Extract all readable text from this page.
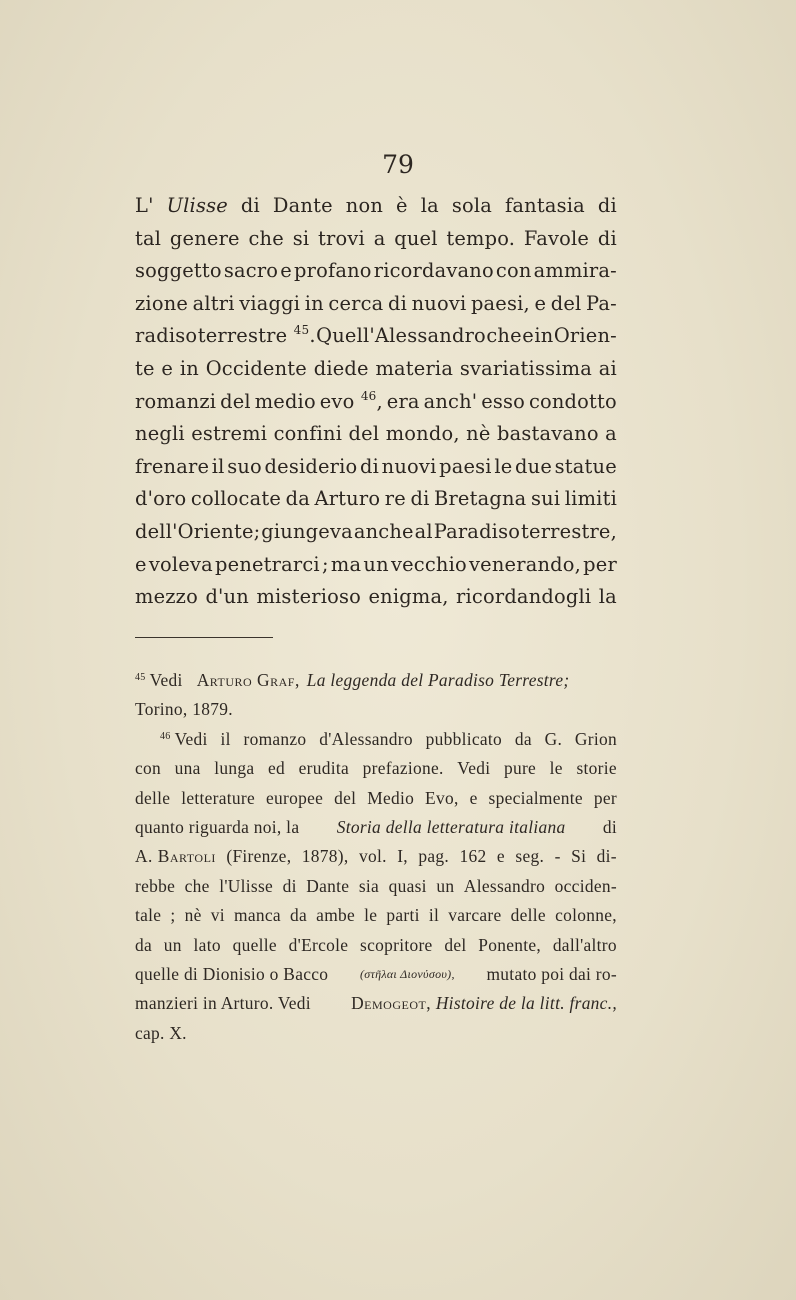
79
L' Ulisse di Dante non è la sola fantasia di
tal genere che si trovi a quel tempo. Favole di
soggetto sacro e profano ricordavano con ammira-
zione altri viaggi in cerca di nuovi paesi, e del Pa-
radiso terrestre $^{45}$. Quell'Alessandro che e in Orien-
te e in Occidente diede materia svariatissima ai
romanzi del medio evo $^{46}$, era anch' esso condotto
negli estremi confini del mondo, nè bastavano a
frenare il suo desiderio di nuovi paesi le due statue
d'oro collocate da Arturo re di Bretagna sui limiti
dell'Oriente; giungeva anche al Paradiso terrestre,
e voleva penetrarci ; ma un vecchio venerando, per
mezzo d'un misterioso enigma, ricordandogli la
$^{45}$ Vedi Arturo Graf, La leggenda del Paradiso Terrestre;
Torino, 1879.
$^{46}$ Vedi il romanzo d'Alessandro pubblicato da G. Grion
con una lunga ed erudita prefazione. Vedi pure le storie
delle letterature europee del Medio Evo, e specialmente per
quanto riguarda noi, la Storia della letteratura italiana di
A. Bartoli (Firenze, 1878), vol. I, pag. 162 e seg. - Si di-
rebbe che l'Ulisse di Dante sia quasi un Alessandro occiden-
tale ; nè vi manca da ambe le parti il varcare delle colonne,
da un lato quelle d'Ercole scopritore del Ponente, dall'altro
quelle di Dionisio o Bacco	(στῆλαι Διονύσου), mutato poi dai ro-
manzieri in Arturo. Vedi Demogeot, Histoire de la litt. franc.,
cap. X.
